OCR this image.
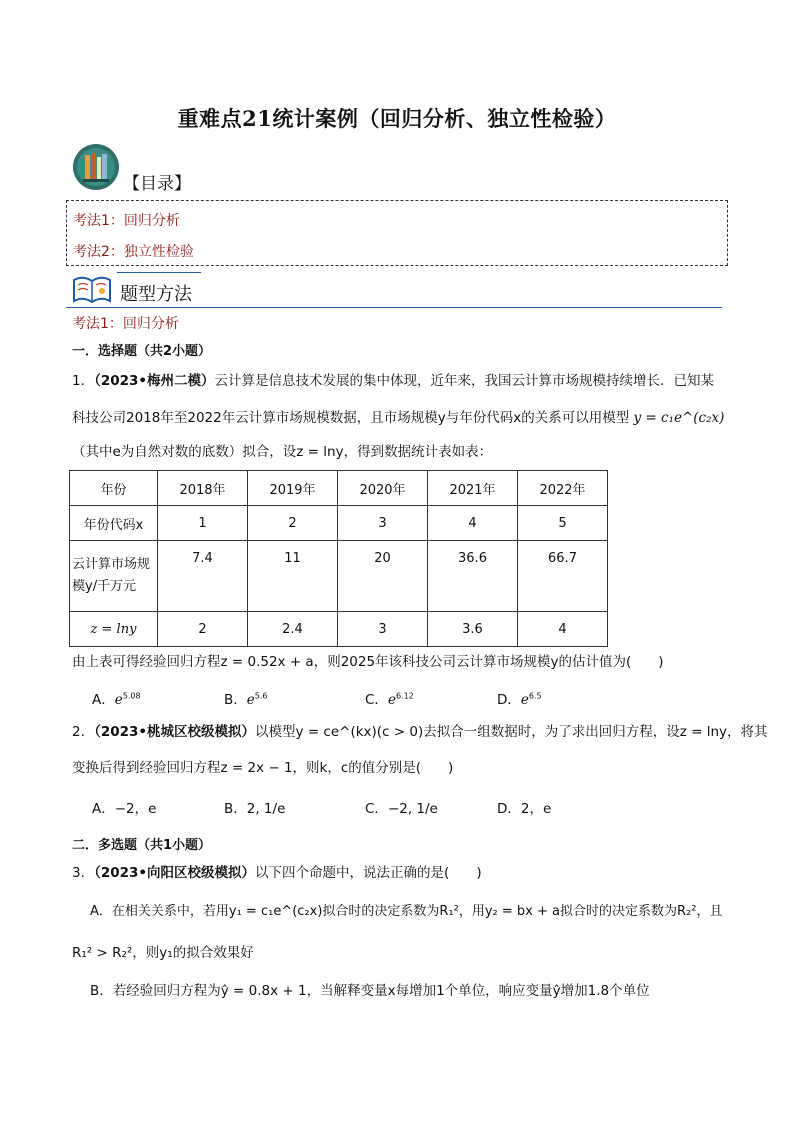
重难点21统计案例（回归分析、独立性检验）
【目录】
考法1：回归分析
考法2：独立性检验
题型方法
考法1：回归分析
一．选择题（共2小题）
1．（2023•梅州二模）云计算是信息技术发展的集中体现，近年来，我国云计算市场规模持续增长．已知某
科技公司2018年至2022年云计算市场规模数据，且市场规模y与年份代码x的关系可以用模型 y = c₁e^(c₂x)
（其中e为自然对数的底数）拟合，设z = lny，得到数据统计表如表：
年份	2018年	2019年	2020年	2021年	2022年
年份代码x	1	2	3	4	5

云计算市场规
模y/千万元	7.4	11	20	36.6	66.7
z = lny	2	2.4	3	3.6	4
由上表可得经验回归方程z = 0.52x + a，则2025年该科技公司云计算市场规模y的估计值为(　　)
A．$e^{5.08}$	B．$e^{5.6}$	C．$e^{6.12}$	D．$e^{6.5}$
2．（2023•桃城区校级模拟）以模型y = ce^(kx)(c > 0)去拟合一组数据时，为了求出回归方程，设z = lny，将其
变换后得到经验回归方程z = 2x − 1，则k，c的值分别是(　　)
A．−2，e	B．2, 1/e	C．−2, 1/e	D．2，e
二．多选题（共1小题）
3．（2023•向阳区校级模拟）以下四个命题中，说法正确的是(　　)
A．在相关关系中，若用y₁ = c₁e^(c₂x)拟合时的决定系数为R₁²，用y₂ = bx + a拟合时的决定系数为R₂²，且
R₁² > R₂²，则y₁的拟合效果好
B．若经验回归方程为ŷ = 0.8x + 1，当解释变量x每增加1个单位，响应变量ŷ增加1.8个单位
